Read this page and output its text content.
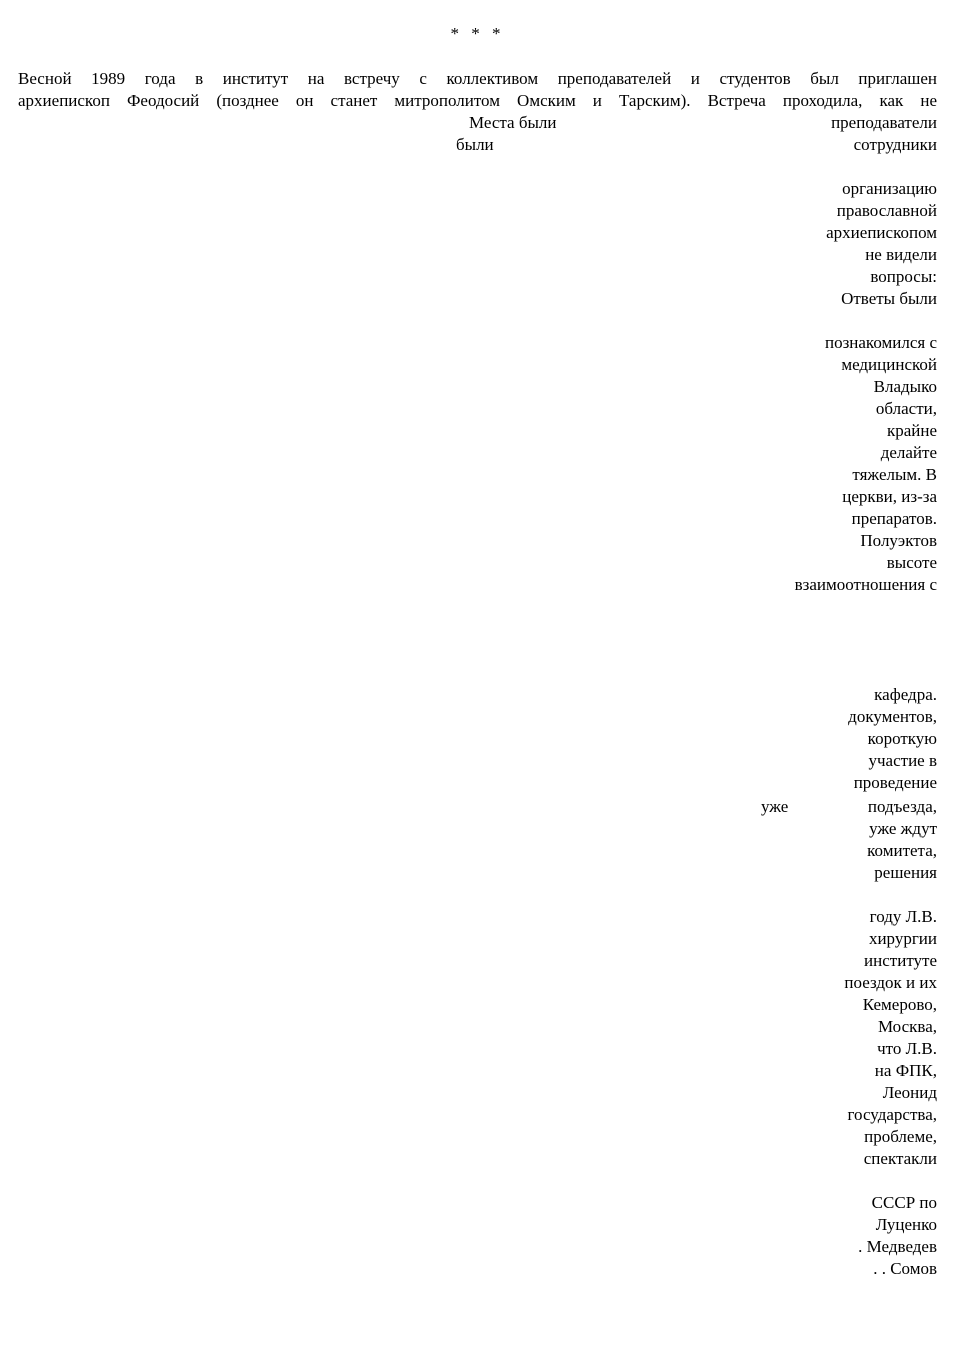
* * *
Весной 1989 года в институт на встречу с коллективом преподавателей и студентов был приглашен
архиепископ Феодосий (позднее он станет митрополитом Омским и Тарским). Встреча проходила, как не
Места были
были
уже
преподаватели
сотрудники
организацию
православной
архиепископом
не видели
вопросы:
Ответы были
познакомился с
медицинской
Владыко
области,
крайне
делайте
тяжелым. В
церкви, из-за
препаратов.
Полуэктов
высоте
взаимоотношения с
кафедра.
документов,
короткую
участие в
проведение
подъезда,
уже ждут
комитета,
решения
году Л.В.
хирургии
институте
поездок и их
Кемерово,
Москва,
что Л.В.
на ФПК,
Леонид
государства,
проблеме,
спектакли
СССР по
Луценко
. Медведев
. . Сомов
